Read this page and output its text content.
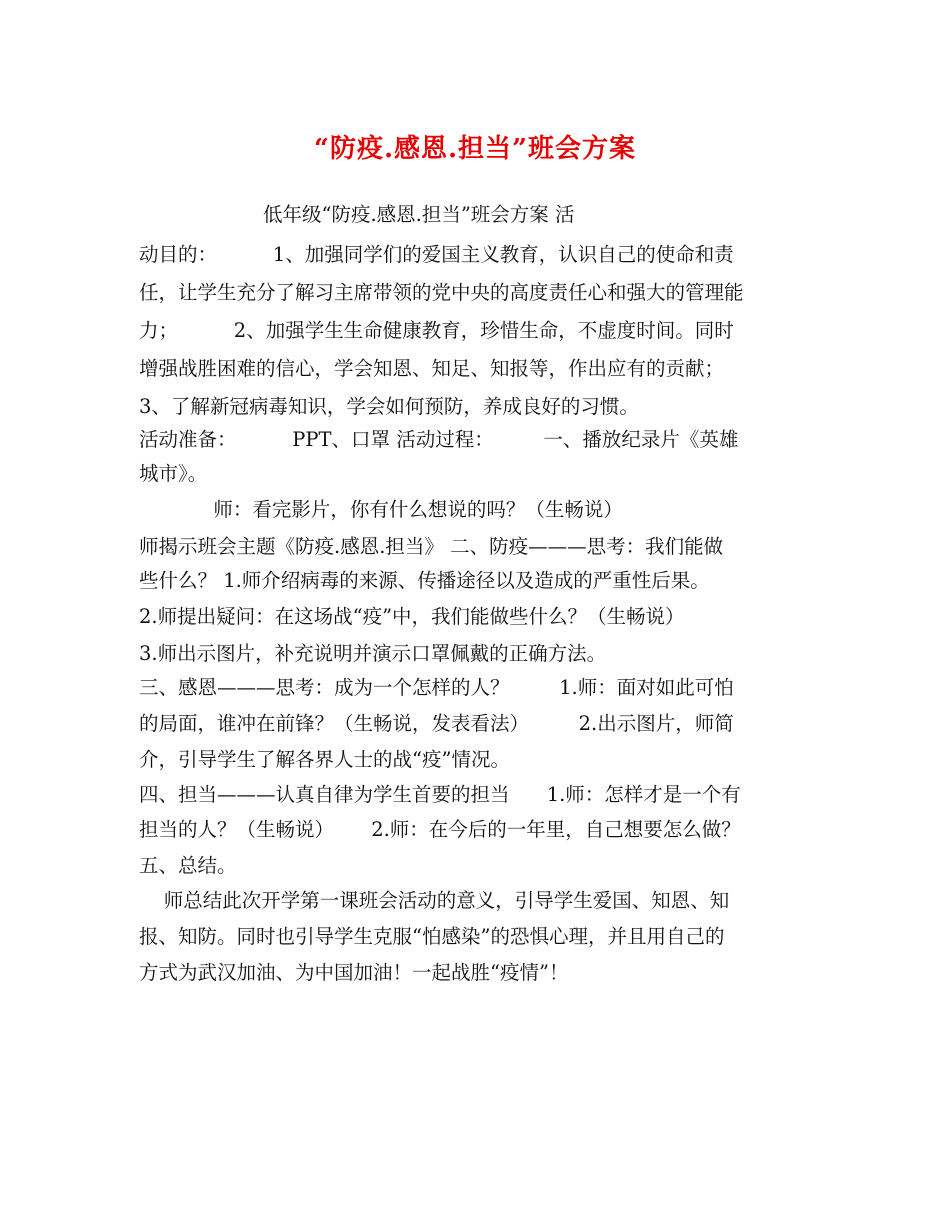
“防疫.感恩.担当”班会方案
低年级“防疫.感恩.担当”班会方案 活
动目的：         1、加强同学们的爱国主义教育，认识自己的使命和责
任，让学生充分了解习主席带领的党中央的高度责任心和强大的管理能
力；         2、加强学生生命健康教育，珍惜生命，不虚度时间。同时
增强战胜困难的信心，学会知恩、知足、知报等，作出应有的贡献；
3、了解新冠病毒知识，学会如何预防，养成良好的习惯。
活动准备：         PPT、口罩 活动过程：        一、播放纪录片《英雄
城市》。
师：看完影片，你有什么想说的吗？（生畅说）
师揭示班会主题《防疫.感恩.担当》 二、防疫———思考：我们能做
些什么？ 1.师介绍病毒的来源、传播途径以及造成的严重性后果。
2.师提出疑问：在这场战“疫”中，我们能做些什么？（生畅说）
3.师出示图片，补充说明并演示口罩佩戴的正确方法。
三、感恩———思考：成为一个怎样的人？        1.师：面对如此可怕
的局面，谁冲在前锋？（生畅说，发表看法）        2.出示图片，师简
介，引导学生了解各界人士的战“疫”情况。
四、担当———认真自律为学生首要的担当      1.师：怎样才是一个有
担当的人？（生畅说）      2.师：在今后的一年里，自己想要怎么做？
五、总结。
师总结此次开学第一课班会活动的意义，引导学生爱国、知恩、知
报、知防。同时也引导学生克服“怕感染”的恐惧心理，并且用自己的
方式为武汉加油、为中国加油！一起战胜“疫情”！
